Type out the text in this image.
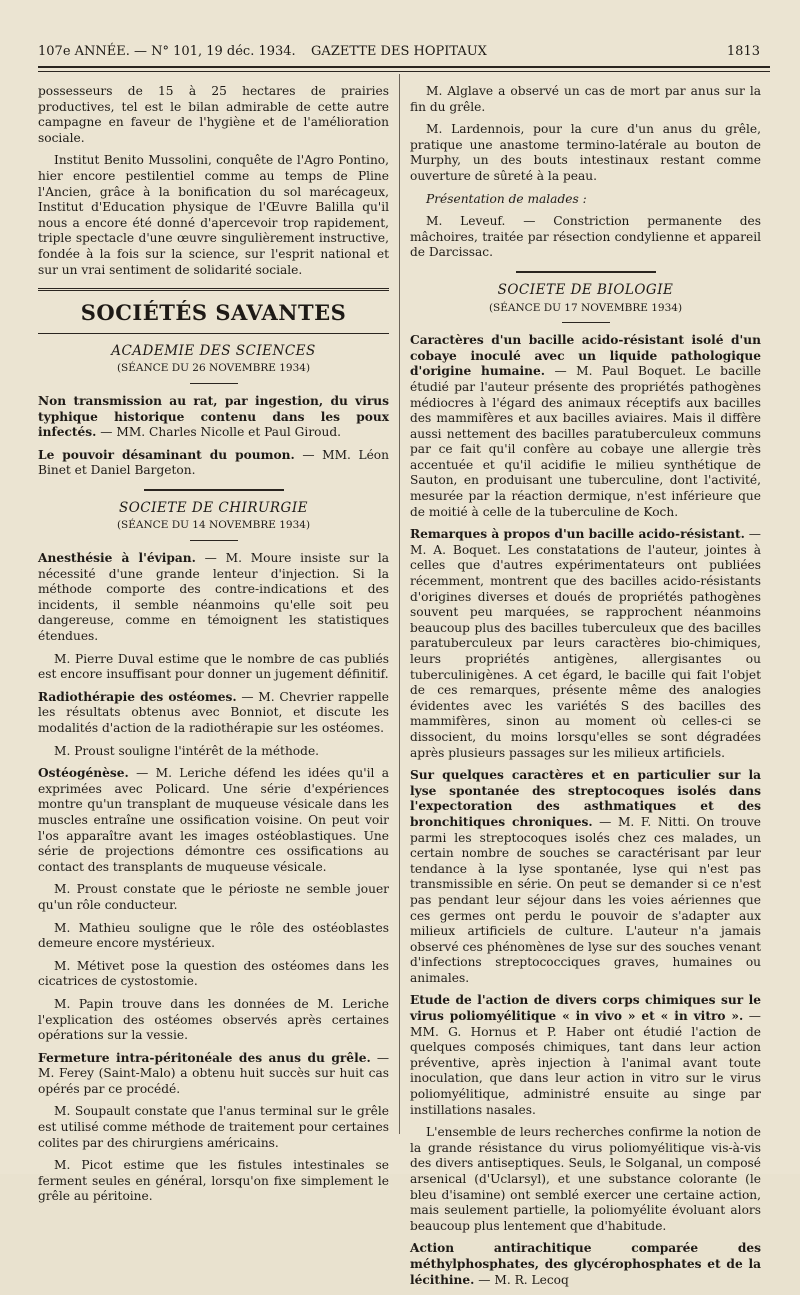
107e ANNÉE. — N° 101, 19 déc. 1934.	GAZETTE DES HOPITAUX	1813

possesseurs de 15 à 25 hectares de prairies productives, tel est le bilan admirable de cette autre campagne en faveur de l'hygiène et de l'amélioration sociale.

Institut Benito Mussolini, conquête de l'Agro Pontino, hier encore pestilentiel comme au temps de Pline l'Ancien, grâce à la bonification du sol marécageux, Institut d'Education physique de l'Œuvre Balilla qu'il nous a encore été donné d'apercevoir trop rapidement, triple spectacle d'une œuvre singulièrement instructive, fondée à la fois sur la science, sur l'esprit national et sur un vrai sentiment de solidarité sociale.

SOCIÉTÉS SAVANTES
ACADEMIE DES SCIENCES
(SÉANCE DU 26 NOVEMBRE 1934)

Non transmission au rat, par ingestion, du virus typhique historique contenu dans les poux infectés. — MM. Charles Nicolle et Paul Giroud.

Le pouvoir désaminant du poumon. — MM. Léon Binet et Daniel Bargeton.

SOCIETE DE CHIRURGIE
(SÉANCE DU 14 NOVEMBRE 1934)

Anesthésie à l'évipan. — M. Moure insiste sur la nécessité d'une grande lenteur d'injection. Si la méthode comporte des contre-indications et des incidents, il semble néanmoins qu'elle soit peu dangereuse, comme en témoignent les statistiques étendues.

M. Pierre Duval estime que le nombre de cas publiés est encore insuffisant pour donner un jugement définitif.

Radiothérapie des ostéomes. — M. Chevrier rappelle les résultats obtenus avec Bonniot, et discute les modalités d'action de la radiothérapie sur les ostéomes.

M. Proust souligne l'intérêt de la méthode.

Ostéogénèse. — M. Leriche défend les idées qu'il a exprimées avec Policard. Une série d'expériences montre qu'un transplant de muqueuse vésicale dans les muscles entraîne une ossification voisine. On peut voir l'os apparaître avant les images ostéoblastiques. Une série de projections démontre ces ossifications au contact des transplants de muqueuse vésicale.

M. Proust constate que le périoste ne semble jouer qu'un rôle conducteur.

M. Mathieu souligne que le rôle des ostéoblastes demeure encore mystérieux.

M. Métivet pose la question des ostéomes dans les cicatrices de cystostomie.

M. Papin trouve dans les données de M. Leriche l'explication des ostéomes observés après certaines opérations sur la vessie.

Fermeture intra-péritonéale des anus du grêle. — M. Ferey (Saint-Malo) a obtenu huit succès sur huit cas opérés par ce procédé.

M. Soupault constate que l'anus terminal sur le grêle est utilisé comme méthode de traitement pour certaines colites par des chirurgiens américains.

M. Picot estime que les fistules intestinales se ferment seules en général, lorsqu'on fixe simplement le grêle au péritoine.

M. Alglave a observé un cas de mort par anus sur la fin du grêle.

M. Lardennois, pour la cure d'un anus du grêle, pratique une anastome termino-latérale au bouton de Murphy, un des bouts intestinaux restant comme ouverture de sûreté à la peau.

Présentation de malades :

M. Leveuf. — Constriction permanente des mâchoires, traitée par résection condylienne et appareil de Darcissac.

SOCIETE DE BIOLOGIE
(SÉANCE DU 17 NOVEMBRE 1934)

Caractères d'un bacille acido-résistant isolé d'un cobaye inoculé avec un liquide pathologique d'origine humaine. — M. Paul Boquet. Le bacille étudié par l'auteur présente des propriétés pathogènes médiocres à l'égard des animaux réceptifs aux bacilles des mammifères et aux bacilles aviaires. Mais il diffère aussi nettement des bacilles paratuberculeux communs par ce fait qu'il confère au cobaye une allergie très accentuée et qu'il acidifie le milieu synthétique de Sauton, en produisant une tuberculine, dont l'activité, mesurée par la réaction dermique, n'est inférieure que de moitié à celle de la tuberculine de Koch.

Remarques à propos d'un bacille acido-résistant. — M. A. Boquet. Les constatations de l'auteur, jointes à celles que d'autres expérimentateurs ont publiées récemment, montrent que des bacilles acido-résistants d'origines diverses et doués de propriétés pathogènes souvent peu marquées, se rapprochent néanmoins beaucoup plus des bacilles tuberculeux que des bacilles paratuberculeux par leurs caractères bio-chimiques, leurs propriétés antigènes, allergisantes ou tuberculinigènes. A cet égard, le bacille qui fait l'objet de ces remarques, présente même des analogies évidentes avec les variétés S des bacilles des mammifères, sinon au moment où celles-ci se dissocient, du moins lorsqu'elles se sont dégradées après plusieurs passages sur les milieux artificiels.

Sur quelques caractères et en particulier sur la lyse spontanée des streptocoques isolés dans l'expectoration des asthmatiques et des bronchitiques chroniques. — M. F. Nitti. On trouve parmi les streptocoques isolés chez ces malades, un certain nombre de souches se caractérisant par leur tendance à la lyse spontanée, lyse qui n'est pas transmissible en série. On peut se demander si ce n'est pas pendant leur séjour dans les voies aériennes que ces germes ont perdu le pouvoir de s'adapter aux milieux artificiels de culture. L'auteur n'a jamais observé ces phénomènes de lyse sur des souches venant d'infections streptococciques graves, humaines ou animales.

Etude de l'action de divers corps chimiques sur le virus poliomyélitique « in vivo » et « in vitro ». — MM. G. Hornus et P. Haber ont étudié l'action de quelques composés chimiques, tant dans leur action préventive, après injection à l'animal avant toute inoculation, que dans leur action in vitro sur le virus poliomyélitique, administré ensuite au singe par instillations nasales.

L'ensemble de leurs recherches confirme la notion de la grande résistance du virus poliomyélitique vis-à-vis des divers antiseptiques. Seuls, le Solganal, un composé arsenical (d'Uclarsyl), et une substance colorante (le bleu d'isamine) ont semblé exercer une certaine action, mais seulement partielle, la poliomyélite évoluant alors beaucoup plus lentement que d'habitude.

Action antirachitique comparée des méthylphosphates, des glycérophosphates et de la lécithine. — M. R. Lecoq
